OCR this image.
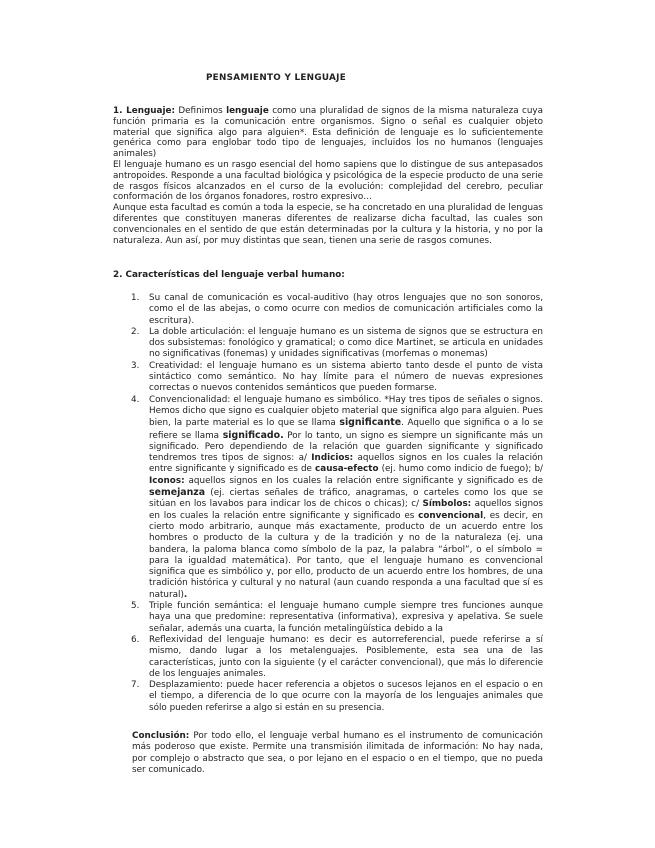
PENSAMIENTO Y LENGUAJE

1. Lenguaje: Definimos lenguaje como una pluralidad de signos de la misma naturaleza cuya función primaria es la comunicación entre organismos. Signo o señal es cualquier objeto material que significa algo para alguien*. Esta definición de lenguaje es lo suficientemente genérica como para englobar todo tipo de lenguajes, incluidos los no humanos (lenguajes animales)

El lenguaje humano es un rasgo esencial del homo sapiens que lo distingue de sus antepasados antropoides. Responde a una facultad biológica y psicológica de la especie producto de una serie de rasgos físicos alcanzados en el curso de la evolución: complejidad del cerebro, peculiar conformación de los órganos fonadores, rostro expresivo…

Aunque esta facultad es común a toda la especie, se ha concretado en una pluralidad de lenguas diferentes que constituyen maneras diferentes de realizarse dicha facultad, las cuales son convencionales en el sentido de que están determinadas por la cultura y la historia, y no por la naturaleza. Aun así, por muy distintas que sean, tienen una serie de rasgos comunes.

2. Características del lenguaje verbal humano:
1. Su canal de comunicación es vocal-auditivo (hay otros lenguajes que no son sonoros, como el de las abejas, o como ocurre con medios de comunicación artificiales como la escritura).
2. La doble articulación: el lenguaje humano es un sistema de signos que se estructura en dos subsistemas: fonológico y gramatical; o como dice Martinet, se articula en unidades no significativas (fonemas) y unidades significativas (morfemas o monemas)
3. Creatividad: el lenguaje humano es un sistema abierto tanto desde el punto de vista sintáctico como semántico. No hay límite para el número de nuevas expresiones correctas o nuevos contenidos semánticos que pueden formarse.
4. Convencionalidad: el lenguaje humano es simbólico. *Hay tres tipos de señales o signos. Hemos dicho que signo es cualquier objeto material que significa algo para alguien. Pues bien, la parte material es lo que se llama significante. Aquello que significa o a lo se refiere se llama significado. Por lo tanto, un signo es siempre un significante más un significado. Pero dependiendo de la relación que guarden significante y significado tendremos tres tipos de signos: a/ Indicios: aquellos signos en los cuales la relación entre significante y significado es de causa-efecto (ej. humo como indicio de fuego); b/ Iconos: aquellos signos en los cuales la relación entre significante y significado es de semejanza (ej. ciertas señales de tráfico, anagramas, o carteles como los que se sitúan en los lavabos para indicar los de chicos o chicas); c/ Símbolos: aquellos signos en los cuales la relación entre significante y significado es convencional, es decir, en cierto modo arbitrario, aunque más exactamente, producto de un acuerdo entre los hombres o producto de la cultura y de la tradición y no de la naturaleza (ej. una bandera, la paloma blanca como símbolo de la paz, la palabra “árbol”, o el símbolo = para la igualdad matemática). Por tanto, que el lenguaje humano es convencional significa que es simbólico y, por ello, producto de un acuerdo entre los hombres, de una tradición histórica y cultural y no natural (aun cuando responda a una facultad que sí es natural).
5. Triple función semántica: el lenguaje humano cumple siempre tres funciones aunque haya una que predomine: representativa (informativa), expresiva y apelativa. Se suele señalar, además una cuarta, la función metalingüística debido a la
6. Reflexividad del lenguaje humano: es decir es autorreferencial, puede referirse a sí mismo, dando lugar a los metalenguajes. Posiblemente, esta sea una de las características, junto con la siguiente (y el carácter convencional), que más lo diferencie de los lenguajes animales.
7. Desplazamiento: puede hacer referencia a objetos o sucesos lejanos en el espacio o en el tiempo, a diferencia de lo que ocurre con la mayoría de los lenguajes animales que sólo pueden referirse a algo si están en su presencia.

Conclusión: Por todo ello, el lenguaje verbal humano es el instrumento de comunicación más poderoso que existe. Permite una transmisión ilimitada de información: No hay nada, por complejo o abstracto que sea, o por lejano en el espacio o en el tiempo, que no pueda ser comunicado.
